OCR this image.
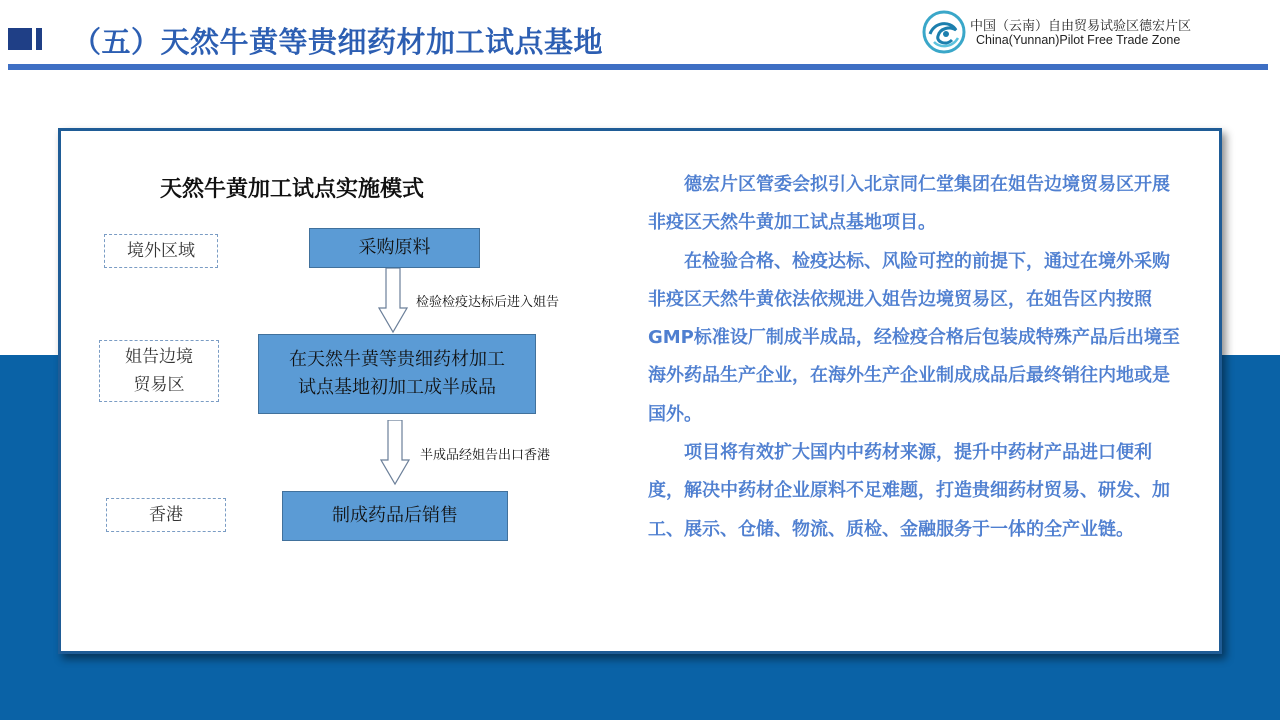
（五）天然牛黄等贵细药材加工试点基地	中国（云南）自由贸易试验区德宏片区
China(Yunnan)Pilot Free Trade Zone
天然牛黄加工试点实施模式
境外区域
姐告边境
贸易区
香港
采购原料
在天然牛黄等贵细药材加工
试点基地初加工成半成品
制成药品后销售
检验检疫达标后进入姐告
半成品经姐告出口香港

德宏片区管委会拟引入北京同仁堂集团在姐告边境贸易区开展非疫区天然牛黄加工试点基地项目。

在检验合格、检疫达标、风险可控的前提下，通过在境外采购非疫区天然牛黄依法依规进入姐告边境贸易区，在姐告区内按照GMP标准设厂制成半成品，经检疫合格后包装成特殊产品后出境至海外药品生产企业，在海外生产企业制成成品后最终销往内地或是国外。

项目将有效扩大国内中药材来源，提升中药材产品进口便利度，解决中药材企业原料不足难题，打造贵细药材贸易、研发、加工、展示、仓储、物流、质检、金融服务于一体的全产业链。
